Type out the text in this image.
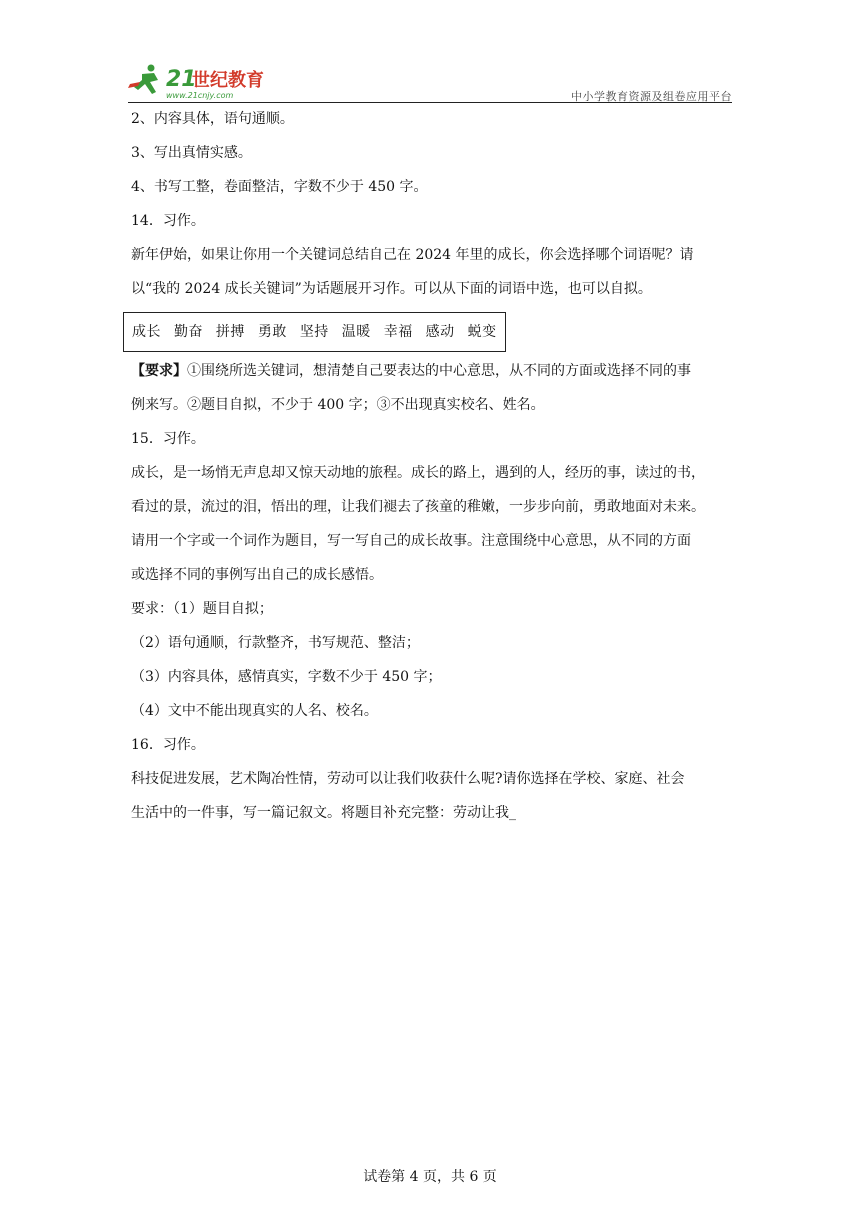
21
世纪教育
www.21cnjy.com	中小学教育资源及组卷应用平台
2、内容具体，语句通顺。
3、写出真情实感。
4、书写工整，卷面整洁，字数不少于 450 字。
14．习作。
新年伊始，如果让你用一个关键词总结自己在 2024 年里的成长，你会选择哪个词语呢？请
以“我的 2024 成长关键词”为话题展开习作。可以从下面的词语中选，也可以自拟。
成长 勤奋 拼搏 勇敢 坚持 温暖 幸福 感动 蜕变
【要求】①围绕所选关键词，想清楚自己要表达的中心意思，从不同的方面或选择不同的事
例来写。②题目自拟，不少于 400 字；③不出现真实校名、姓名。
15．习作。
成长，是一场悄无声息却又惊天动地的旅程。成长的路上，遇到的人，经历的事，读过的书，
看过的景，流过的泪，悟出的理，让我们褪去了孩童的稚嫩，一步步向前，勇敢地面对未来。
请用一个字或一个词作为题目，写一写自己的成长故事。注意围绕中心意思，从不同的方面
或选择不同的事例写出自己的成长感悟。
要求：（1）题目自拟；
（2）语句通顺，行款整齐，书写规范、整洁；
（3）内容具体，感情真实，字数不少于 450 字；
（4）文中不能出现真实的人名、校名。
16．习作。
科技促进发展，艺术陶冶性情，劳动可以让我们收获什么呢?请你选择在学校、家庭、社会
生活中的一件事，写一篇记叙文。将题目补充完整：劳动让我_
试卷第 4 页，共 6 页
